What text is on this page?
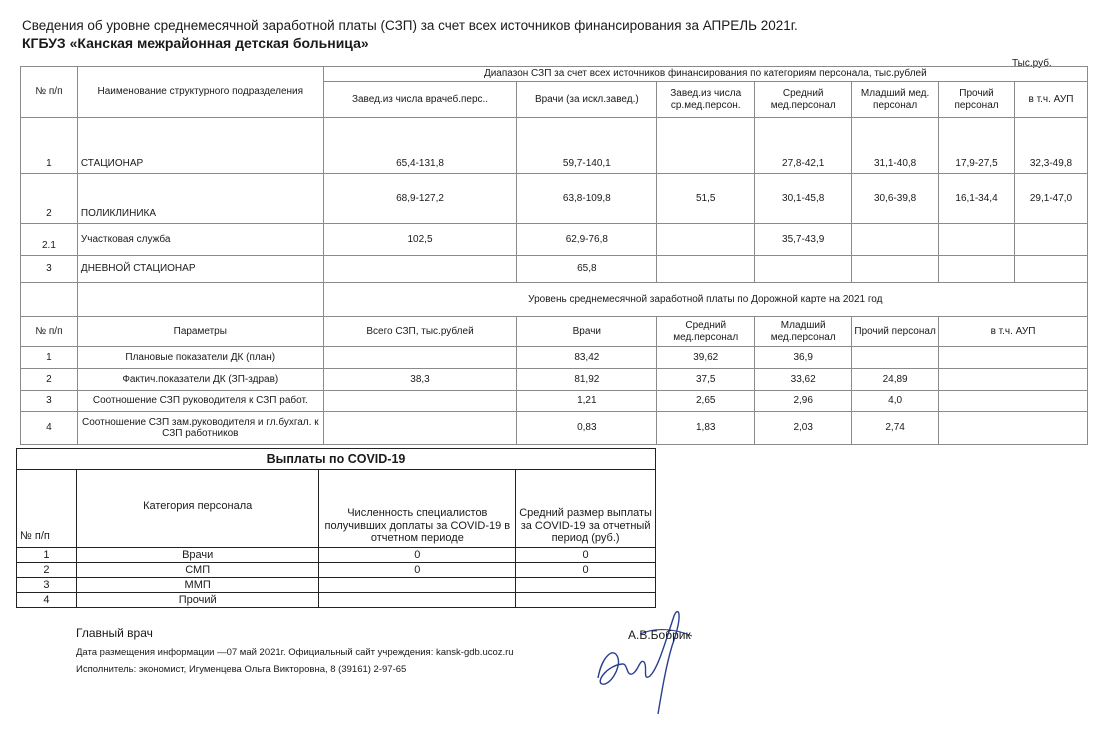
Сведения об уровне среднемесячной заработной платы (СЗП) за счет всех источников финансирования за АПРЕЛЬ 2021г.
КГБУЗ «Канская межрайонная детская больница»
Тыс.руб.
№ п/п	Наименование структурного подразделения	Диапазон СЗП за счет всех источников финансирования по категориям персонала, тыс.рублей						
		Завед.из числа врачеб.перс..	Врачи (за искл.завед.)	Завед.из числа ср.мед.персон.	Средний мед.персонал	Младший мед. персонал	Прочий персонал	в т.ч. АУП
1	СТАЦИОНАР	65,4-131,8	59,7-140,1		27,8-42,1	31,1-40,8	17,9-27,5	32,3-49,8
2	ПОЛИКЛИНИКА	68,9-127,2	63,8-109,8	51,5	30,1-45,8	30,6-39,8	16,1-34,4	29,1-47,0
2.1	Участковая служба	102,5	62,9-76,8		35,7-43,9			
3	ДНЕВНОЙ СТАЦИОНАР		65,8					
		Уровень среднемесячной заработной платы по Дорожной карте на 2021 год						
№ п/п	Параметры	Всего СЗП, тыс.рублей	Врачи	Средний мед.персонал	Младший мед.персонал	Прочий персонал	в т.ч. АУП	
1	Плановые показатели ДК (план)		83,42	39,62	36,9			
2	Фактич.показатели ДК (ЗП-здрав)	38,3	81,92	37,5	33,62	24,89		
3	Соотношение СЗП руководителя к СЗП работ.		1,21	2,65	2,96	4,0		
4	Соотношение СЗП зам.руководителя и гл.бухгал. к СЗП работников		0,83	1,83	2,03	2,74		
Выплаты по COVID-19			
№ п/п	Категория персонала	Численность специалистов получивших доплаты за COVID-19 в отчетном периоде	Средний размер выплаты за COVID-19 за отчетный период (руб.)
1	Врачи	0	0
2	СМП	0	0
3	ММП		
4	Прочий		
Главный врач
Дата размещения информации —07 май 2021г. Официальный сайт учреждения: kansk-gdb.ucoz.ru
Исполнитель: экономист, Игуменцева Ольга Викторовна, 8 (39161) 2-97-65
А.В.Бобрик
